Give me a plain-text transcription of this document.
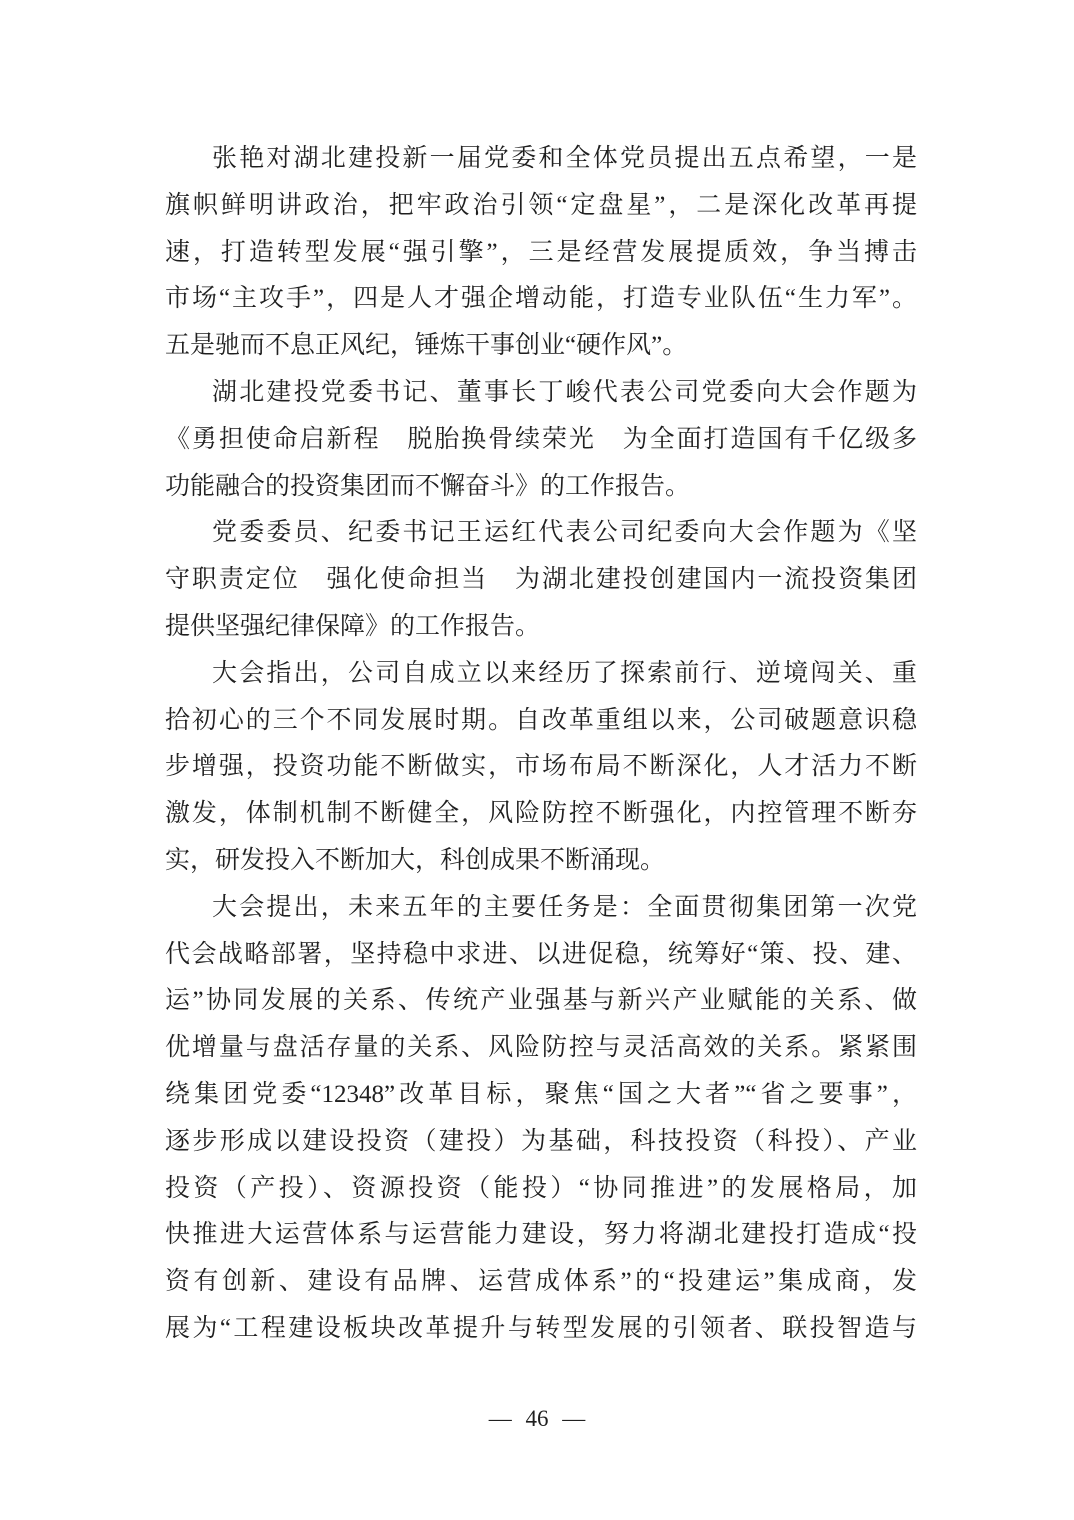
张艳对湖北建投新一届党委和全体党员提出五点希望，一是
旗帜鲜明讲政治，把牢政治引领“定盘星”，二是深化改革再提
速，打造转型发展“强引擎”，三是经营发展提质效，争当搏击
市场“主攻手”，四是人才强企增动能，打造专业队伍“生力军”。
五是驰而不息正风纪，锤炼干事创业“硬作风”。
湖北建投党委书记、董事长丁峻代表公司党委向大会作题为
《勇担使命启新程　脱胎换骨续荣光　为全面打造国有千亿级多
功能融合的投资集团而不懈奋斗》的工作报告。
党委委员、纪委书记王运红代表公司纪委向大会作题为《坚
守职责定位　强化使命担当　为湖北建投创建国内一流投资集团
提供坚强纪律保障》的工作报告。
大会指出，公司自成立以来经历了探索前行、逆境闯关、重
拾初心的三个不同发展时期。自改革重组以来，公司破题意识稳
步增强，投资功能不断做实，市场布局不断深化，人才活力不断
激发，体制机制不断健全，风险防控不断强化，内控管理不断夯
实，研发投入不断加大，科创成果不断涌现。
大会提出，未来五年的主要任务是：全面贯彻集团第一次党
代会战略部署，坚持稳中求进、以进促稳，统筹好“策、投、建、
运”协同发展的关系、传统产业强基与新兴产业赋能的关系、做
优增量与盘活存量的关系、风险防控与灵活高效的关系。紧紧围
绕集团党委“12348”改革目标，聚焦“国之大者”“省之要事”，
逐步形成以建设投资（建投）为基础，科技投资（科投）、产业
投资（产投）、资源投资（能投）“协同推进”的发展格局，加
快推进大运营体系与运营能力建设，努力将湖北建投打造成“投
资有创新、建设有品牌、运营成体系”的“投建运”集成商，发
展为“工程建设板块改革提升与转型发展的引领者、联投智造与
— 46 —
